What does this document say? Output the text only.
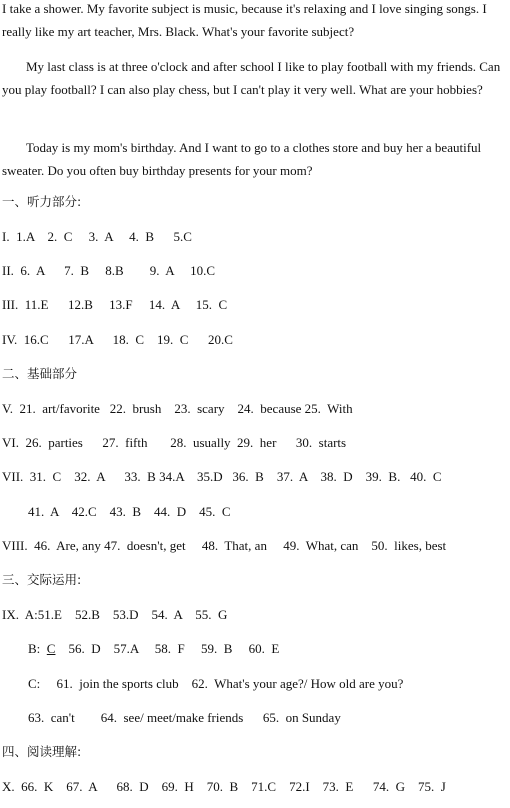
I take a shower. My favorite subject is music, because it's relaxing and I love singing songs. I really like my art teacher, Mrs. Black. What's your favorite subject?
My last class is at three o'clock and after school I like to play football with my friends. Can you play football? I can also play chess, but I can't play it very well. What are your hobbies?
Today is my mom's birthday. And I want to go to a clothes store and buy her a beautiful sweater. Do you often buy birthday presents for your mom?
一、听力部分:
I.  1.A    2.  C     3.  A     4.  B      5.C
II.  6.  A      7.  B     8.B        9.  A     10.C
III.  11.E      12.B     13.F     14.  A     15.  C
IV.  16.C      17.A      18.  C    19.  C      20.C
二、基础部分
V.  21.  art/favorite   22.  brush    23.  scary    24.  because 25.  With
VI.  26.  parties      27.  fifth       28.  usually  29.  her      30.  starts
VII.  31.  C    32.  A      33.  B 34.A    35.D   36.  B    37.  A    38.  D    39.  B.   40.  C
41.  A    42.C    43.  B    44.  D    45.  C
VIII.  46.  Are, any 47.  doesn't, get     48.  That, an     49.  What, can    50.  likes, best
三、交际运用:
IX.  A:51.E    52.B    53.D    54.  A    55.  G
B:  C    56.  D    57.A     58.  F     59.  B     60.  E
C:     61.  join the sports club    62.  What's your age?/ How old are you?
63.  can't        64.  see/ meet/make friends      65.  on Sunday
四、阅读理解:
X.  66.  K    67.  A      68.  D    69.  H    70.  B    71.C    72.I    73.  E      74.  G    75.  J
